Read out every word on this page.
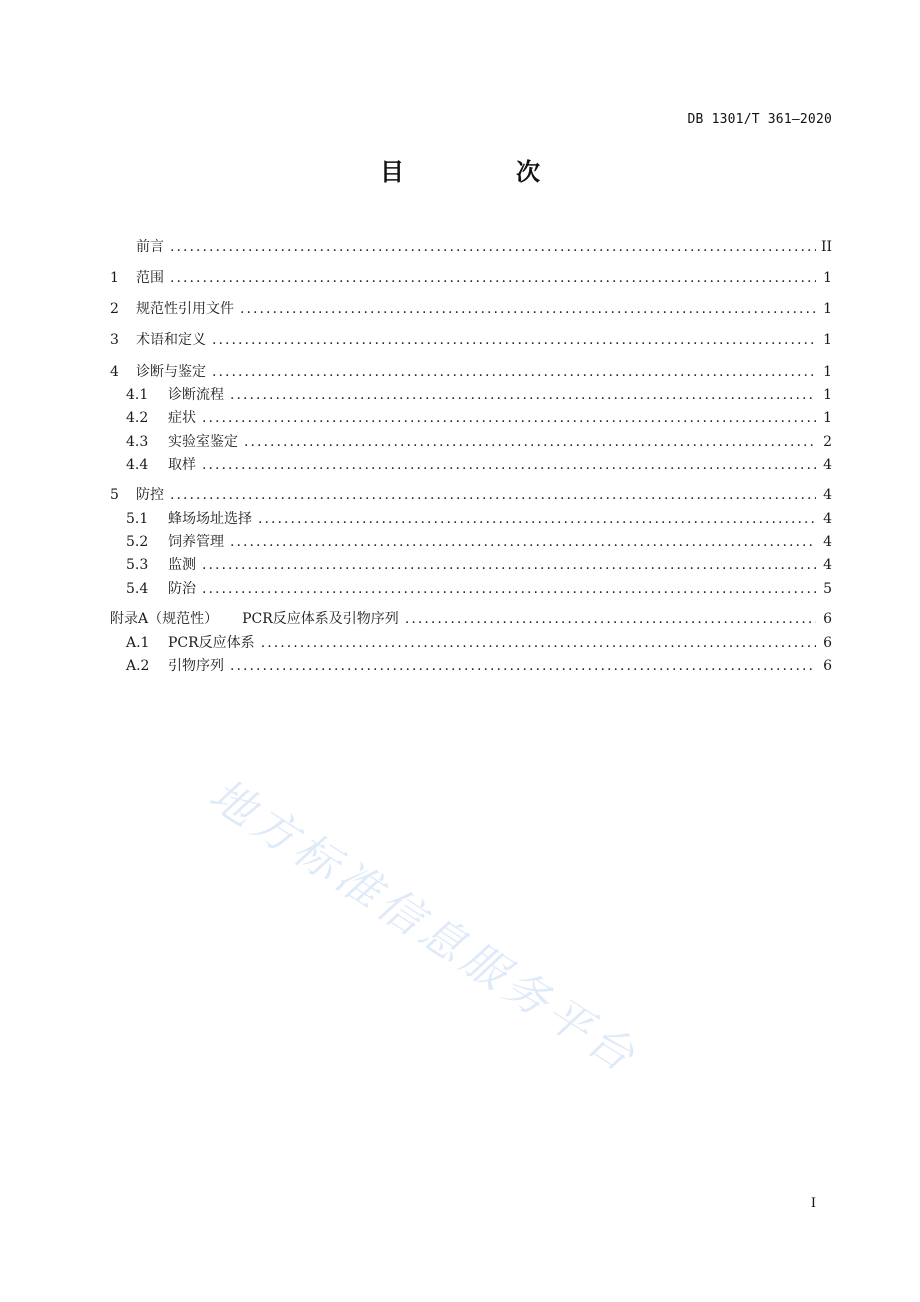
DB 1301/T 361—2020
目　次
前言 . . .	II
1	范围 . . .	1
2	规范性引用文件 . . .	1
3	术语和定义 . . .	1
4	诊断与鉴定 . . .	1
4.1	诊断流程 . . .	1
4.2	症状 . . .	1
4.3	实验室鉴定 . . .	2
4.4	取样 . . .	4
5	防控 . . .	4
5.1	蜂场场址选择 . . .	4
5.2	饲养管理 . . .	4
5.3	监测 . . .	4
5.4	防治 . . .	5
附录A（规范性） PCR反应体系及引物序列 . . .	6
A.1	PCR反应体系 . . .	6
A.2	引物序列 . . .	6
地方标准信息服务平台
I
